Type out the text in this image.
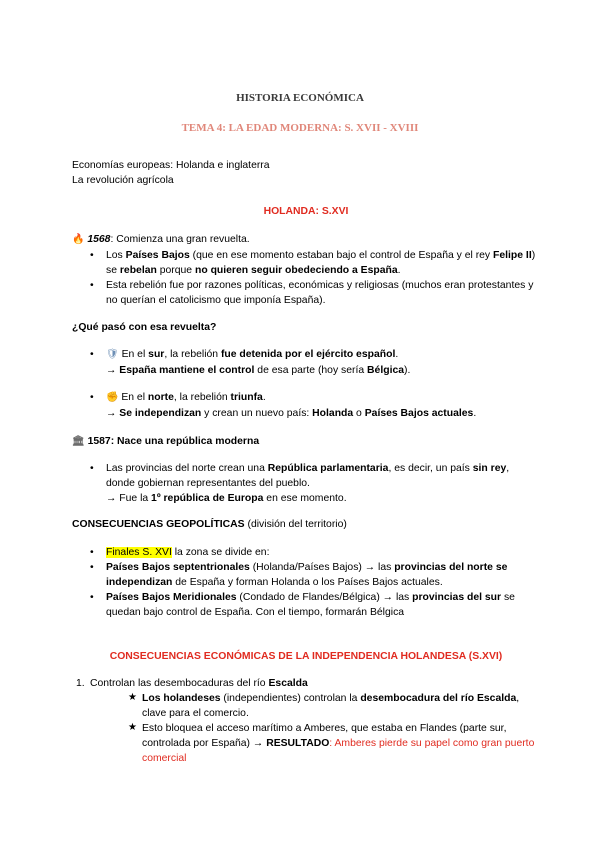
HISTORIA ECONÓMICA
TEMA 4: LA EDAD MODERNA: S. XVII - XVIII
Economías europeas: Holanda e inglaterra
La revolución agrícola
HOLANDA: S.XVI
🔥 1568: Comienza una gran revuelta.
• Los Países Bajos (que en ese momento estaban bajo el control de España y el rey Felipe II) se rebelan porque no quieren seguir obedeciendo a España.
• Esta rebelión fue por razones políticas, económicas y religiosas (muchos eran protestantes y no querían el catolicismo que imponía España).
¿Qué pasó con esa revuelta?
• 🛡 En el sur, la rebelión fue detenida por el ejército español.
→ España mantiene el control de esa parte (hoy sería Bélgica).
• ✊ En el norte, la rebelión triunfa.
→ Se independizan y crean un nuevo país: Holanda o Países Bajos actuales.
🏛 1587: Nace una república moderna
• Las provincias del norte crean una República parlamentaria, es decir, un país sin rey, donde gobiernan representantes del pueblo.
→ Fue la 1º república de Europa en ese momento.
CONSECUENCIAS GEOPOLÍTICAS (división del territorio)
• Finales S. XVI la zona se divide en:
• Países Bajos septentrionales (Holanda/Países Bajos) → las provincias del norte se independizan de España y forman Holanda o los Países Bajos actuales.
• Países Bajos Meridionales (Condado de Flandes/Bélgica) → las provincias del sur se quedan bajo control de España. Con el tiempo, formarán Bélgica
CONSECUENCIAS ECONÓMICAS DE LA INDEPENDENCIA HOLANDESA (S.XVI)
1. Controlan las desembocaduras del río Escalda
★ Los holandeses (independientes) controlan la desembocadura del río Escalda, clave para el comercio.
★ Esto bloquea el acceso marítimo a Amberes, que estaba en Flandes (parte sur, controlada por España) → RESULTADO: Amberes pierde su papel como gran puerto comercial
